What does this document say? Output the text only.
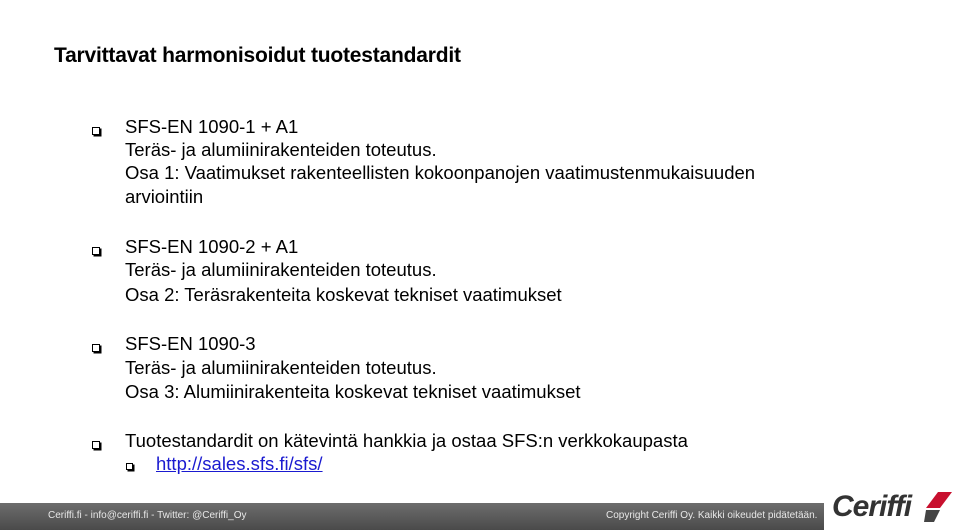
Tarvittavat harmonisoidut tuotestandardit
SFS-EN 1090-1 + A1
Teräs- ja alumiinirakenteiden toteutus.
Osa 1: Vaatimukset rakenteellisten kokoonpanojen vaatimustenmukaisuuden
arviointiin
SFS-EN 1090-2 + A1
Teräs- ja alumiinirakenteiden toteutus.
Osa 2: Teräsrakenteita koskevat tekniset vaatimukset
SFS-EN 1090-3
Teräs- ja alumiinirakenteiden toteutus.
Osa 3: Alumiinirakenteita koskevat tekniset vaatimukset
Tuotestandardit on kätevintä hankkia ja ostaa SFS:n verkkokaupasta
http://sales.sfs.fi/sfs/
Ceriffi.fi - info@ceriffi.fi - Twitter: @Ceriffi_Oy	Copyright Ceriffi Oy. Kaikki oikeudet pidätetään. Ceriffi
